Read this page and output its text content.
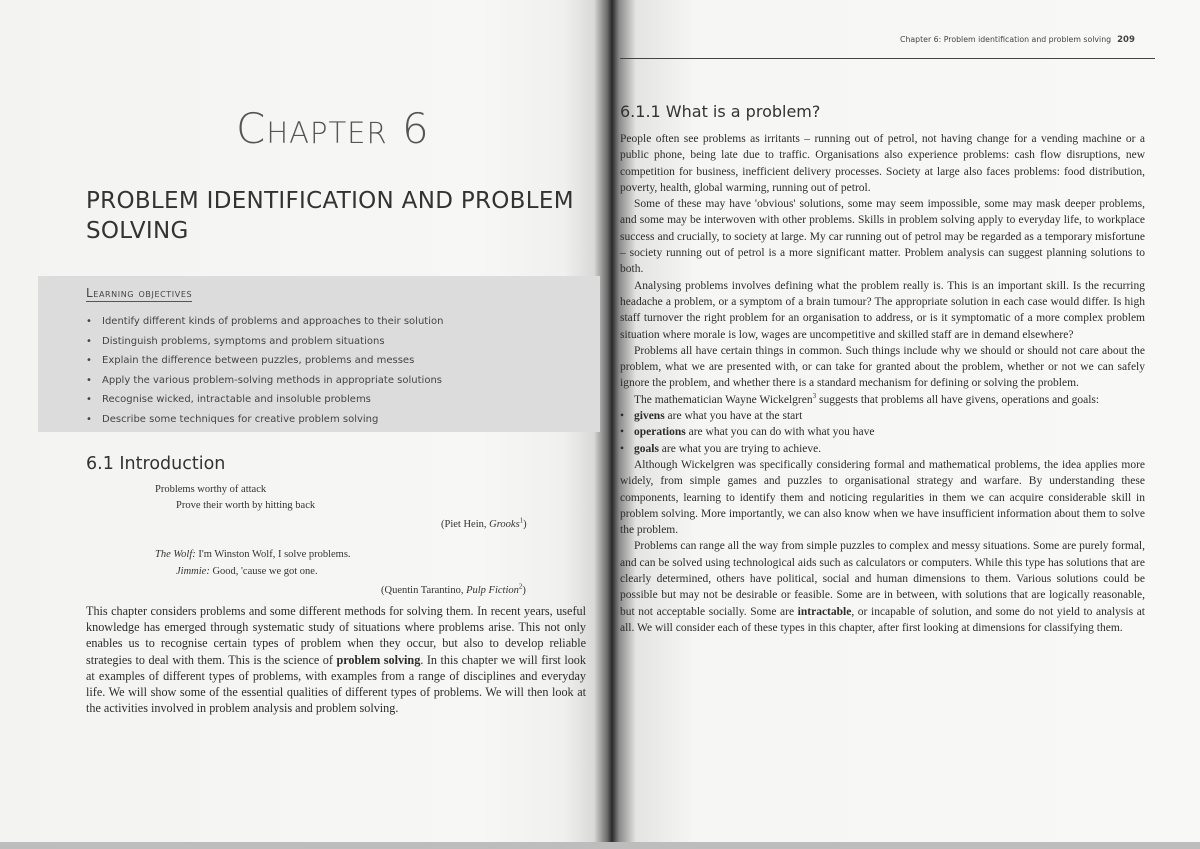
Chapter 6
PROBLEM IDENTIFICATION AND PROBLEM SOLVING
Learning objectives
• Identify different kinds of problems and approaches to their solution
• Distinguish problems, symptoms and problem situations
• Explain the difference between puzzles, problems and messes
• Apply the various problem-solving methods in appropriate solutions
• Recognise wicked, intractable and insoluble problems
• Describe some techniques for creative problem solving
6.1 Introduction
Problems worthy of attack
Prove their worth by hitting back
(Piet Hein, Grooks$^1$)
The Wolf: I'm Winston Wolf, I solve problems.
Jimmie: Good, 'cause we got one.
(Quentin Tarantino, Pulp Fiction$^2$)
This chapter considers problems and some different methods for solving them. In recent years, useful knowledge has emerged through systematic study of situations where problems arise. This not only enables us to recognise certain types of problem when they occur, but also to develop reliable strategies to deal with them. This is the science of problem solving. In this chapter we will first look at examples of different types of problems, with examples from a range of disciplines and everyday life. We will show some of the essential qualities of different types of problems. We will then look at the activities involved in problem analysis and problem solving.
Chapter 6: Problem identification and problem solving 209
6.1.1 What is a problem?

People often see problems as irritants – running out of petrol, not having change for a vending machine or a public phone, being late due to traffic. Organisations also experience problems: cash flow disruptions, new competition for business, inefficient delivery processes. Society at large also faces problems: food distribution, poverty, health, global warming, running out of petrol.

Some of these may have 'obvious' solutions, some may seem impossible, some may mask deeper problems, and some may be interwoven with other problems. Skills in problem solving apply to everyday life, to workplace success and crucially, to society at large. My car running out of petrol may be regarded as a temporary misfortune – society running out of petrol is a more significant matter. Problem analysis can suggest planning solutions to both.

Analysing problems involves defining what the problem really is. This is an important skill. Is the recurring headache a problem, or a symptom of a brain tumour? The appropriate solution in each case would differ. Is high staff turnover the right problem for an organisation to address, or is it symptomatic of a more complex problem situation where morale is low, wages are uncompetitive and skilled staff are in demand elsewhere?

Problems all have certain things in common. Such things include why we should or should not care about the problem, what we are presented with, or can take for granted about the problem, whether or not we can safely ignore the problem, and whether there is a standard mechanism for defining or solving the problem.

The mathematician Wayne Wickelgren$^3$ suggests that problems all have givens, operations and goals:

• givens are what you have at the start
• operations are what you can do with what you have
• goals are what you are trying to achieve.

Although Wickelgren was specifically considering formal and mathematical problems, the idea applies more widely, from simple games and puzzles to organisational strategy and warfare. By understanding these components, learning to identify them and noticing regularities in them we can acquire considerable skill in problem solving. More importantly, we can also know when we have insufficient information about them to solve the problem.

Problems can range all the way from simple puzzles to complex and messy situations. Some are purely formal, and can be solved using technological aids such as calculators or computers. While this type has solutions that are clearly determined, others have political, social and human dimensions to them. Various solutions could be possible but may not be desirable or feasible. Some are in between, with solutions that are logically reasonable, but not acceptable socially. Some are intractable, or incapable of solution, and some do not yield to analysis at all. We will consider each of these types in this chapter, after first looking at dimensions for classifying them.
